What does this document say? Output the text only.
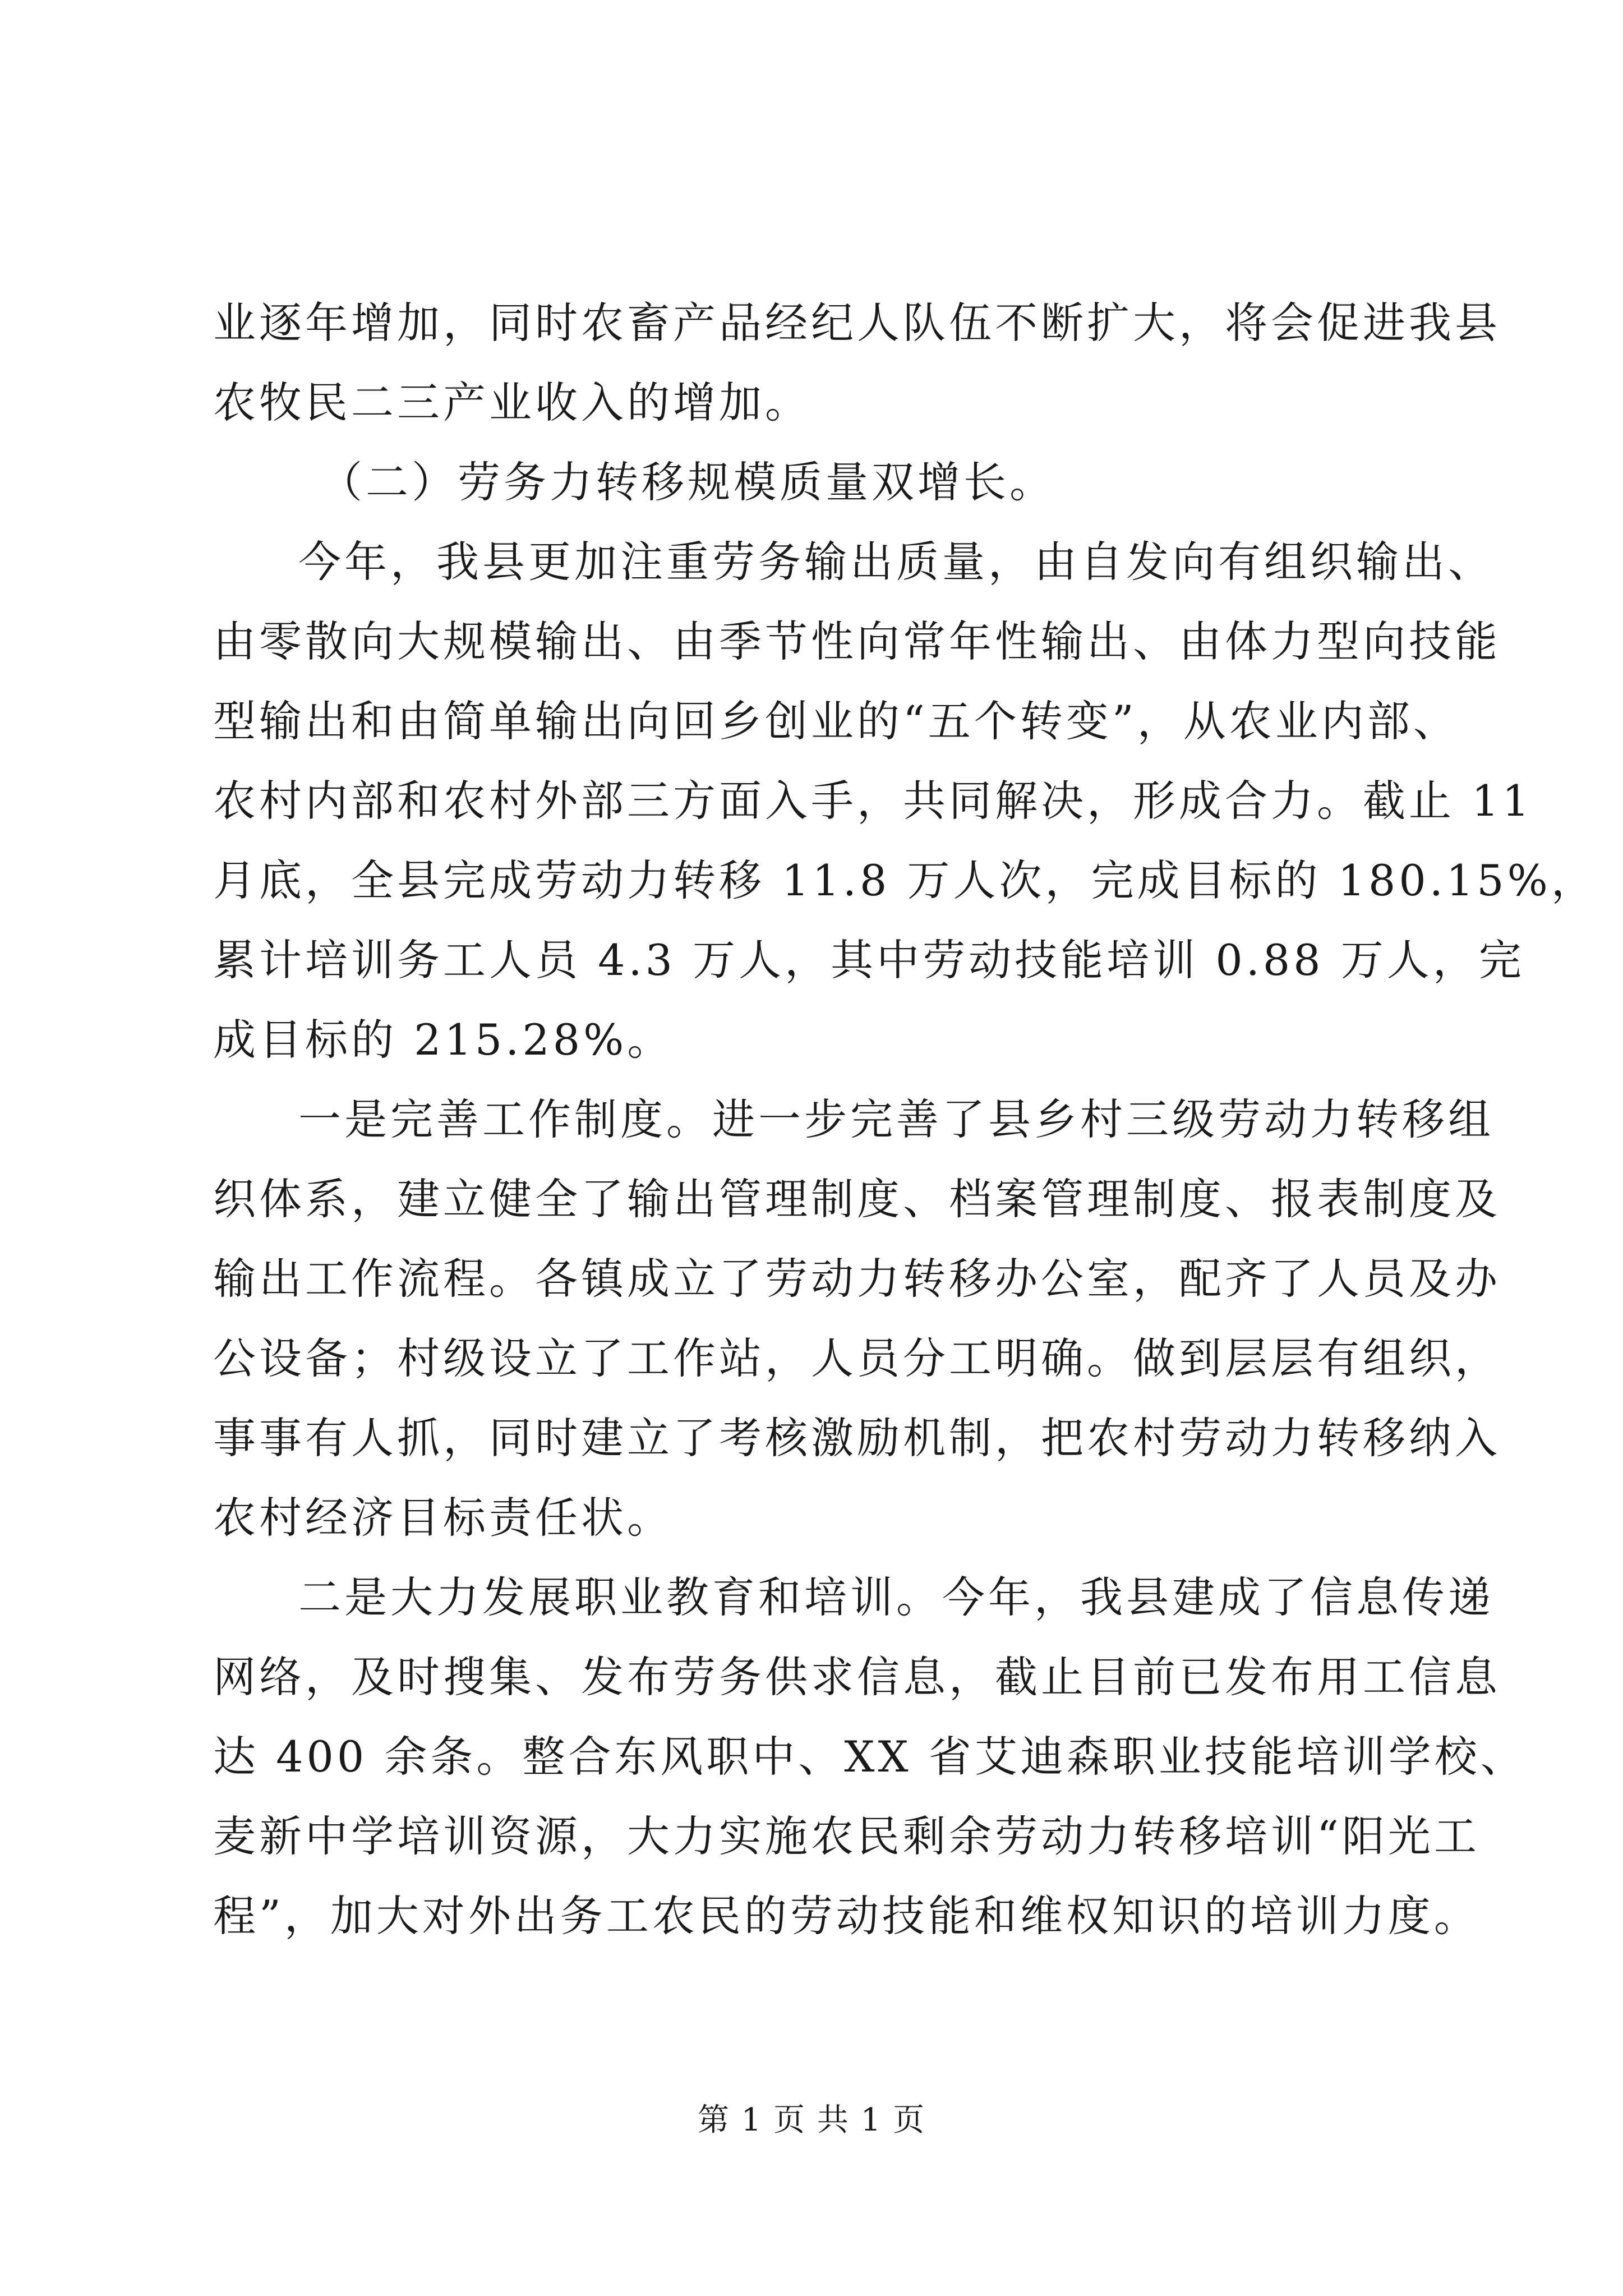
业逐年增加，同时农畜产品经纪人队伍不断扩大，将会促进我县
农牧民二三产业收入的增加。
（二）劳务力转移规模质量双增长。
今年，我县更加注重劳务输出质量，由自发向有组织输出、
由零散向大规模输出、由季节性向常年性输出、由体力型向技能
型输出和由简单输出向回乡创业的“五个转变”，从农业内部、
农村内部和农村外部三方面入手，共同解决，形成合力。截止 11
月底，全县完成劳动力转移 11.8 万人次，完成目标的 180.15%，
累计培训务工人员 4.3 万人，其中劳动技能培训 0.88 万人，完
成目标的 215.28%。
一是完善工作制度。进一步完善了县乡村三级劳动力转移组
织体系，建立健全了输出管理制度、档案管理制度、报表制度及
输出工作流程。各镇成立了劳动力转移办公室，配齐了人员及办
公设备；村级设立了工作站，人员分工明确。做到层层有组织，
事事有人抓，同时建立了考核激励机制，把农村劳动力转移纳入
农村经济目标责任状。
二是大力发展职业教育和培训。今年，我县建成了信息传递
网络，及时搜集、发布劳务供求信息，截止目前已发布用工信息
达 400 余条。整合东风职中、XX 省艾迪森职业技能培训学校、
麦新中学培训资源，大力实施农民剩余劳动力转移培训“阳光工
程”，加大对外出务工农民的劳动技能和维权知识的培训力度。
第 1 页 共 1 页
